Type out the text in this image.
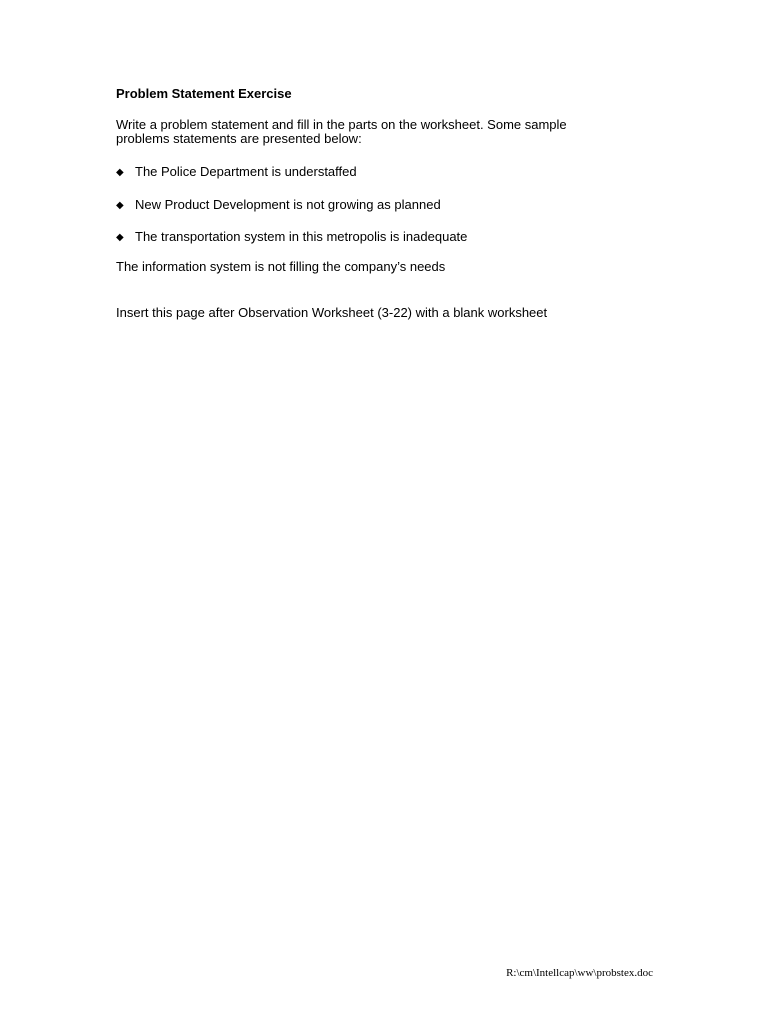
Problem Statement Exercise
Write a problem statement and fill in the parts on the worksheet. Some sample
problems statements are presented below:
◆ The Police Department is understaffed
◆ New Product Development is not growing as planned
◆ The transportation system in this metropolis is inadequate
The information system is not filling the company’s needs
Insert this page after Observation Worksheet (3-22) with a blank worksheet
R:\cm\Intellcap\ww\probstex.doc
